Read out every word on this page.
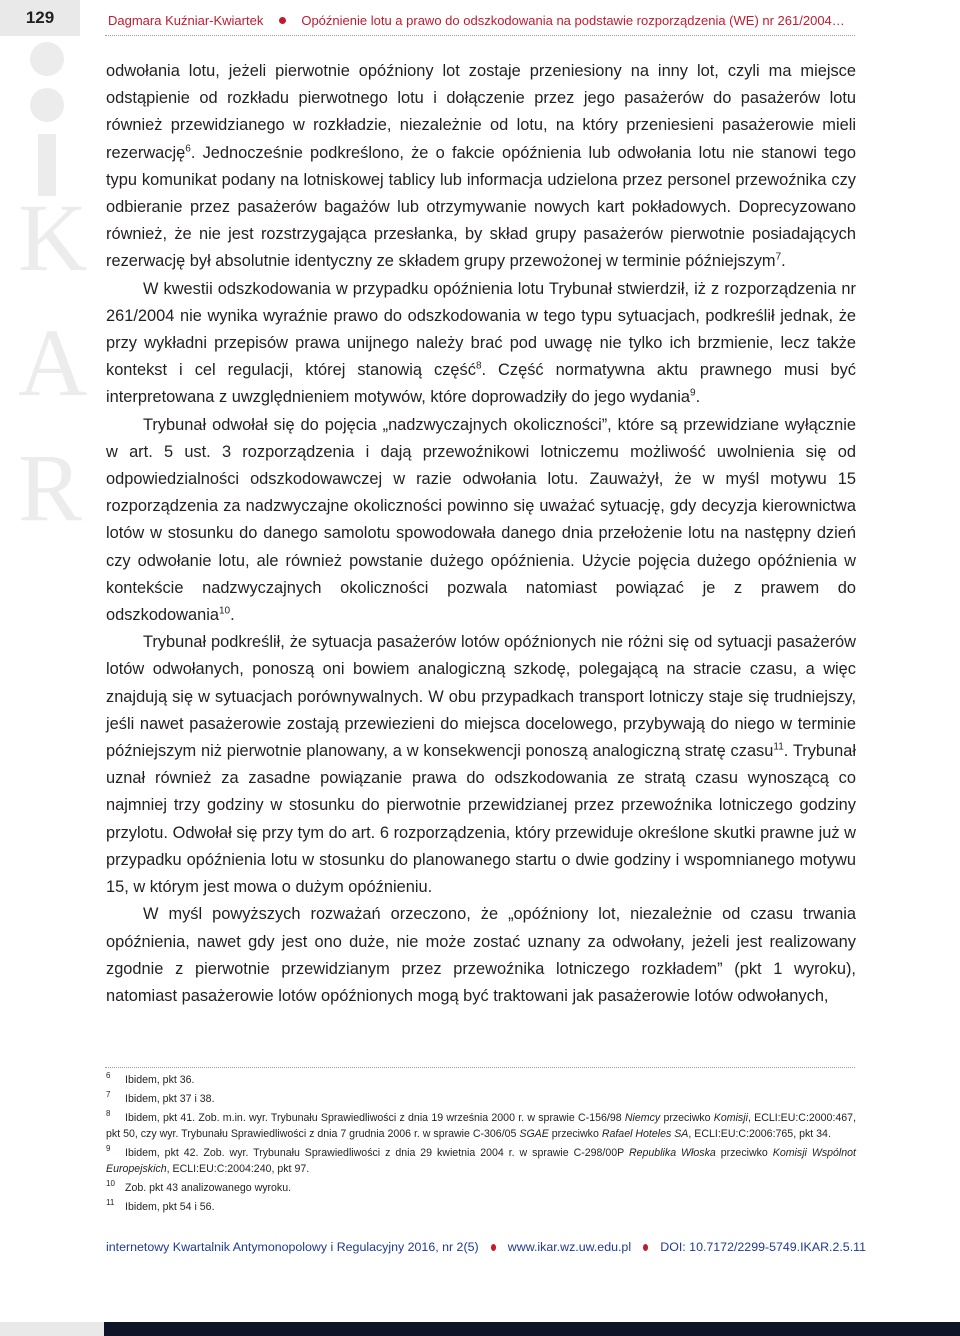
129	Dagmara Kuźniar-Kwiartek	Opóźnienie lotu a prawo do odszkodowania na podstawie rozporządzenia (WE) nr 261/2004…
K
A
R

odwołania lotu, jeżeli pierwotnie opóźniony lot zostaje przeniesiony na inny lot, czyli ma miejsce odstąpienie od rozkładu pierwotnego lotu i dołączenie przez jego pasażerów do pasażerów lotu również przewidzianego w rozkładzie, niezależnie od lotu, na który przeniesieni pasażerowie mieli rezerwację$^6$. Jednocześnie podkreślono, że o fakcie opóźnienia lub odwołania lotu nie stanowi tego typu komunikat podany na lotniskowej tablicy lub informacja udzielona przez personel przewoźnika czy odbieranie przez pasażerów bagażów lub otrzymywanie nowych kart pokładowych. Doprecyzowano również, że nie jest rozstrzygająca przesłanka, by skład grupy pasażerów pierwotnie posiadających rezerwację był absolutnie identyczny ze składem grupy przewożonej w terminie późniejszym$^7$.

W kwestii odszkodowania w przypadku opóźnienia lotu Trybunał stwierdził, iż z rozporządzenia nr 261/2004 nie wynika wyraźnie prawo do odszkodowania w tego typu sytuacjach, podkreślił jednak, że przy wykładni przepisów prawa unijnego należy brać pod uwagę nie tylko ich brzmienie, lecz także kontekst i cel regulacji, której stanowią część$^8$. Część normatywna aktu prawnego musi być interpretowana z uwzględnieniem motywów, które doprowadziły do jego wydania$^9$.

Trybunał odwołał się do pojęcia „nadzwyczajnych okoliczności”, które są przewidziane wyłącznie w art. 5 ust. 3 rozporządzenia i dają przewoźnikowi lotniczemu możliwość uwolnienia się od odpowiedzialności odszkodowawczej w razie odwołania lotu. Zauważył, że w myśl motywu 15 rozporządzenia za nadzwyczajne okoliczności powinno się uważać sytuację, gdy decyzja kierownictwa lotów w stosunku do danego samolotu spowodowała danego dnia przełożenie lotu na następny dzień czy odwołanie lotu, ale również powstanie dużego opóźnienia. Użycie pojęcia dużego opóźnienia w kontekście nadzwyczajnych okoliczności pozwala natomiast powiązać je z prawem do odszkodowania$^{10}$.

Trybunał podkreślił, że sytuacja pasażerów lotów opóźnionych nie różni się od sytuacji pasażerów lotów odwołanych, ponoszą oni bowiem analogiczną szkodę, polegającą na stracie czasu, a więc znajdują się w sytuacjach porównywalnych. W obu przypadkach transport lotniczy staje się trudniejszy, jeśli nawet pasażerowie zostają przewiezieni do miejsca docelowego, przybywają do niego w terminie późniejszym niż pierwotnie planowany, a w konsekwencji ponoszą analogiczną stratę czasu$^{11}$. Trybunał uznał również za zasadne powiązanie prawa do odszkodowania ze stratą czasu wynoszącą co najmniej trzy godziny w stosunku do pierwotnie przewidzianej przez przewoźnika lotniczego godziny przylotu. Odwołał się przy tym do art. 6 rozporządzenia, który przewiduje określone skutki prawne już w przypadku opóźnienia lotu w stosunku do planowanego startu o dwie godziny i wspomnianego motywu 15, w którym jest mowa o dużym opóźnieniu.

W myśl powyższych rozważań orzeczono, że „opóźniony lot, niezależnie od czasu trwania opóźnienia, nawet gdy jest ono duże, nie może zostać uznany za odwołany, jeżeli jest realizowany zgodnie z pierwotnie przewidzianym przez przewoźnika lotniczego rozkładem” (pkt 1 wyroku), natomiast pasażerowie lotów opóźnionych mogą być traktowani jak pasażerowie lotów odwołanych,

6 Ibidem, pkt 36.

7 Ibidem, pkt 37 i 38.

8 Ibidem, pkt 41. Zob. m.in. wyr. Trybunału Sprawiedliwości z dnia 19 września 2000 r. w sprawie C-156/98 Niemcy przeciwko Komisji, ECLI:EU:C:2000:467, pkt 50, czy wyr. Trybunału Sprawiedliwości z dnia 7 grudnia 2006 r. w sprawie C-306/05 SGAE przeciwko Rafael Hoteles SA, ECLI:EU:C:2006:765, pkt 34.

9 Ibidem, pkt 42. Zob. wyr. Trybunału Sprawiedliwości z dnia 29 kwietnia 2004 r. w sprawie C-298/00P Republika Włoska przeciwko Komisji Wspólnot Europejskich, ECLI:EU:C:2004:240, pkt 97.

10 Zob. pkt 43 analizowanego wyroku.

11 Ibidem, pkt 54 i 56.

internetowy Kwartalnik Antymonopolowy i Regulacyjny 2016, nr 2(5) www.ikar.wz.uw.edu.pl DOI: 10.7172/2299-5749.IKAR.2.5.11
